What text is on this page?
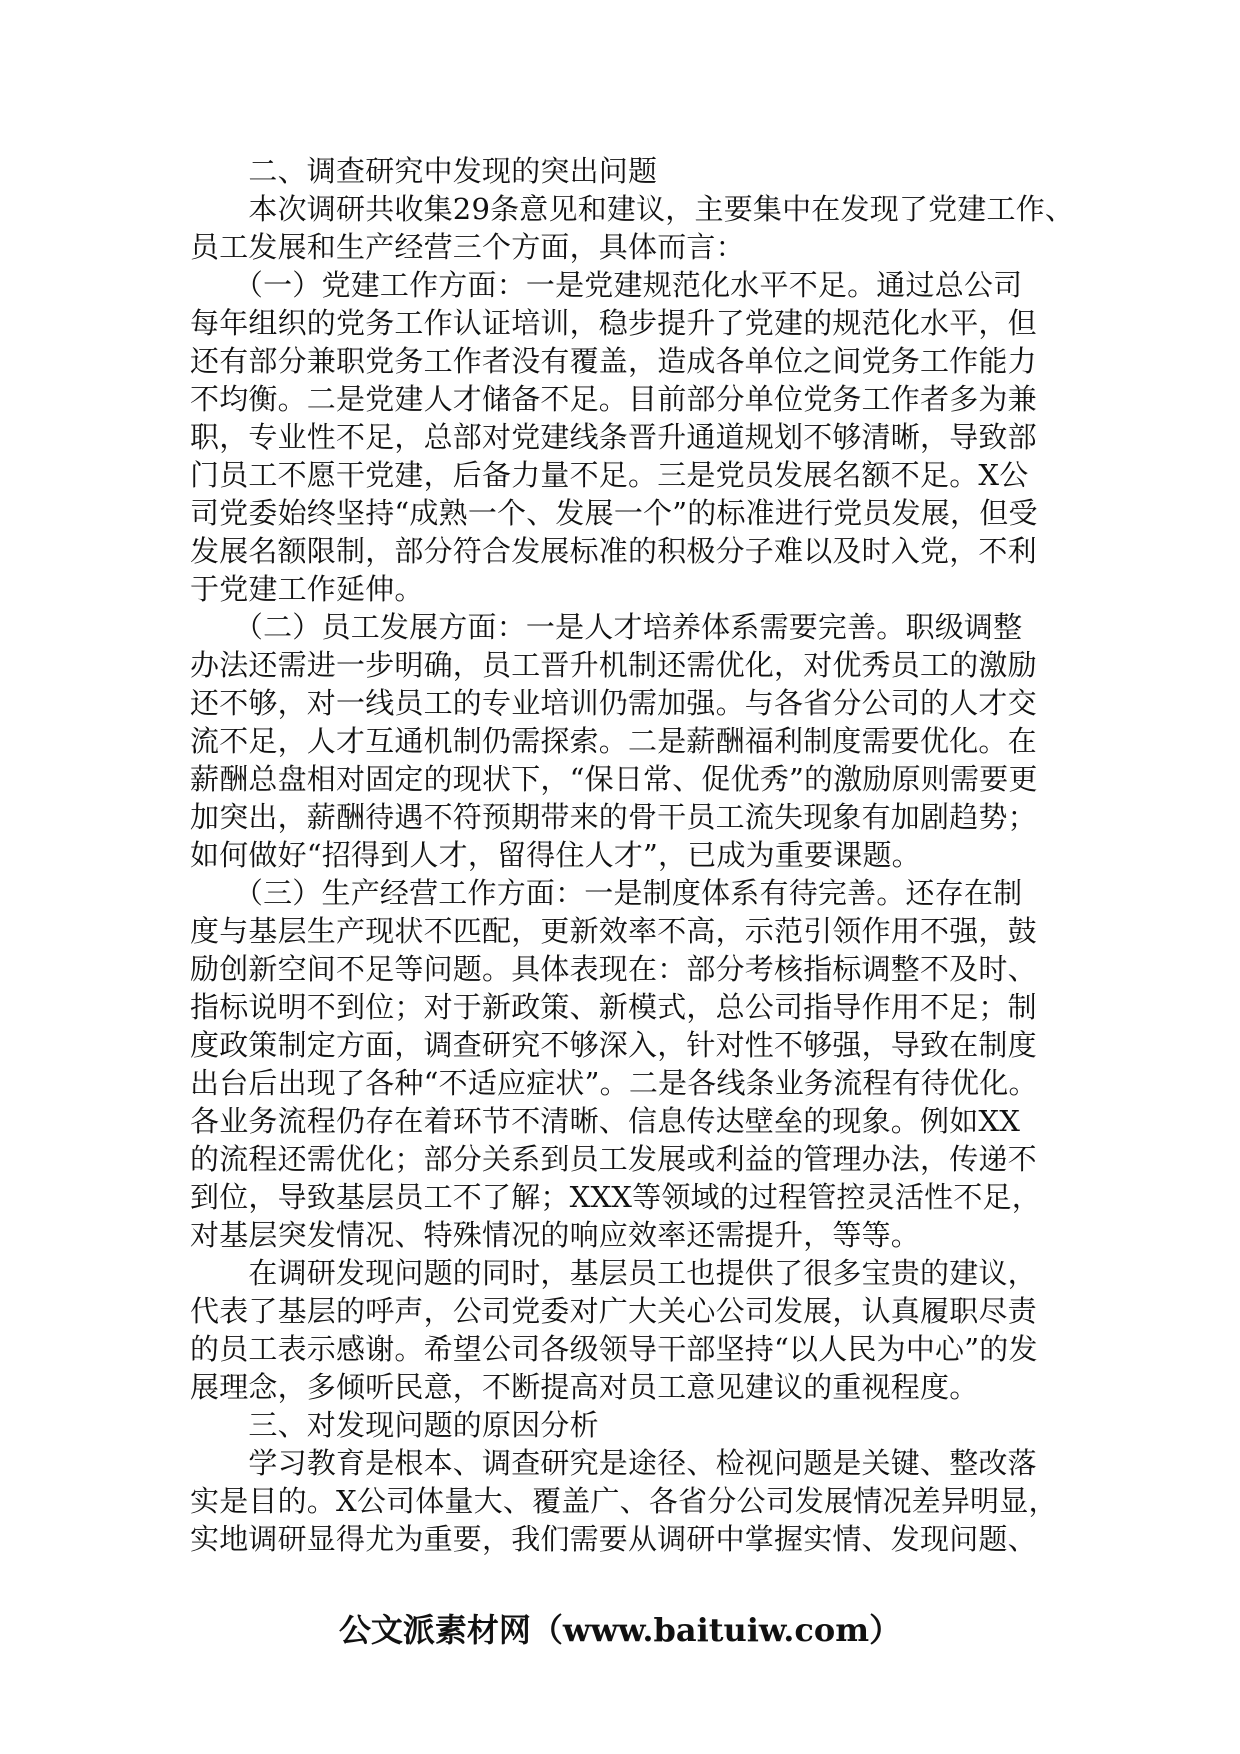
　　二、调查研究中发现的突出问题
　　本次调研共收集29条意见和建议，主要集中在发现了党建工作、
员工发展和生产经营三个方面，具体而言：
　　（一）党建工作方面：一是党建规范化水平不足。通过总公司
每年组织的党务工作认证培训，稳步提升了党建的规范化水平，但
还有部分兼职党务工作者没有覆盖，造成各单位之间党务工作能力
不均衡。二是党建人才储备不足。目前部分单位党务工作者多为兼
职，专业性不足，总部对党建线条晋升通道规划不够清晰，导致部
门员工不愿干党建，后备力量不足。三是党员发展名额不足。X公
司党委始终坚持“成熟一个、发展一个”的标准进行党员发展，但受
发展名额限制，部分符合发展标准的积极分子难以及时入党，不利
于党建工作延伸。
　　（二）员工发展方面：一是人才培养体系需要完善。职级调整
办法还需进一步明确，员工晋升机制还需优化，对优秀员工的激励
还不够，对一线员工的专业培训仍需加强。与各省分公司的人才交
流不足，人才互通机制仍需探索。二是薪酬福利制度需要优化。在
薪酬总盘相对固定的现状下，“保日常、促优秀”的激励原则需要更
加突出，薪酬待遇不符预期带来的骨干员工流失现象有加剧趋势；
如何做好“招得到人才，留得住人才”，已成为重要课题。
　　（三）生产经营工作方面：一是制度体系有待完善。还存在制
度与基层生产现状不匹配，更新效率不高，示范引领作用不强，鼓
励创新空间不足等问题。具体表现在：部分考核指标调整不及时、
指标说明不到位；对于新政策、新模式，总公司指导作用不足；制
度政策制定方面，调查研究不够深入，针对性不够强，导致在制度
出台后出现了各种“不适应症状”。二是各线条业务流程有待优化。
各业务流程仍存在着环节不清晰、信息传达壁垒的现象。例如XX
的流程还需优化；部分关系到员工发展或利益的管理办法，传递不
到位，导致基层员工不了解；XXX等领域的过程管控灵活性不足，
对基层突发情况、特殊情况的响应效率还需提升，等等。
　　在调研发现问题的同时，基层员工也提供了很多宝贵的建议，
代表了基层的呼声，公司党委对广大关心公司发展，认真履职尽责
的员工表示感谢。希望公司各级领导干部坚持“以人民为中心”的发
展理念，多倾听民意，不断提高对员工意见建议的重视程度。
　　三、对发现问题的原因分析
　　学习教育是根本、调查研究是途径、检视问题是关键、整改落
实是目的。X公司体量大、覆盖广、各省分公司发展情况差异明显，
实地调研显得尤为重要，我们需要从调研中掌握实情、发现问题、
公文派素材网（www.baituiw.com）
